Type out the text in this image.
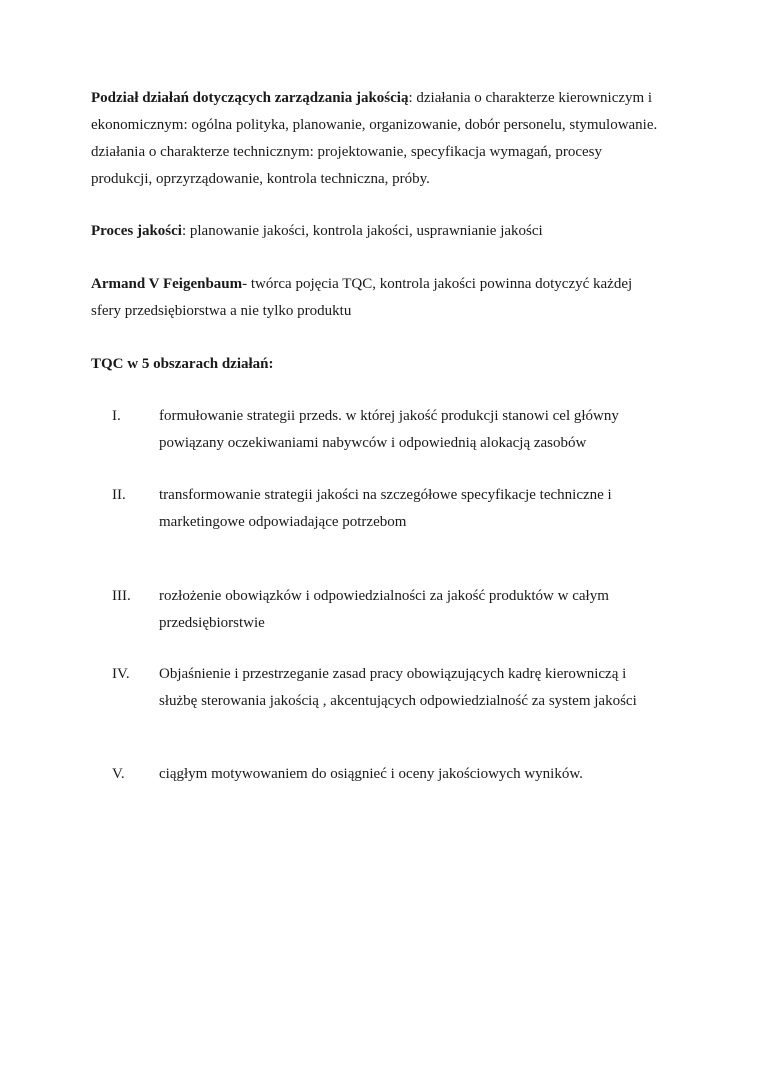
Podział działań dotyczących zarządzania jakością: działania o charakterze kierowniczym i
ekonomicznym: ogólna polityka, planowanie, organizowanie, dobór personelu, stymulowanie.
działania o charakterze technicznym: projektowanie, specyfikacja wymagań, procesy
produkcji, oprzyrządowanie, kontrola techniczna, próby.
Proces jakości: planowanie jakości, kontrola jakości, usprawnianie jakości
Armand V Feigenbaum- twórca pojęcia TQC, kontrola jakości powinna dotyczyć każdej
sfery przedsiębiorstwa a nie tylko produktu
TQC w 5 obszarach działań:
I.	formułowanie strategii przeds. w której jakość produkcji stanowi cel główny
powiązany oczekiwaniami nabywców i odpowiednią alokacją zasobów
II. transformowanie strategii jakości na szczegółowe specyfikacje techniczne i
marketingowe odpowiadające potrzebom
III. rozłożenie obowiązków i odpowiedzialności za jakość produktów w całym
przedsiębiorstwie
IV. Objaśnienie i przestrzeganie zasad pracy obowiązujących kadrę kierowniczą i
służbę sterowania jakością , akcentujących odpowiedzialność za system jakości
V. ciągłym motywowaniem do osiągnieć i oceny jakościowych wyników.
